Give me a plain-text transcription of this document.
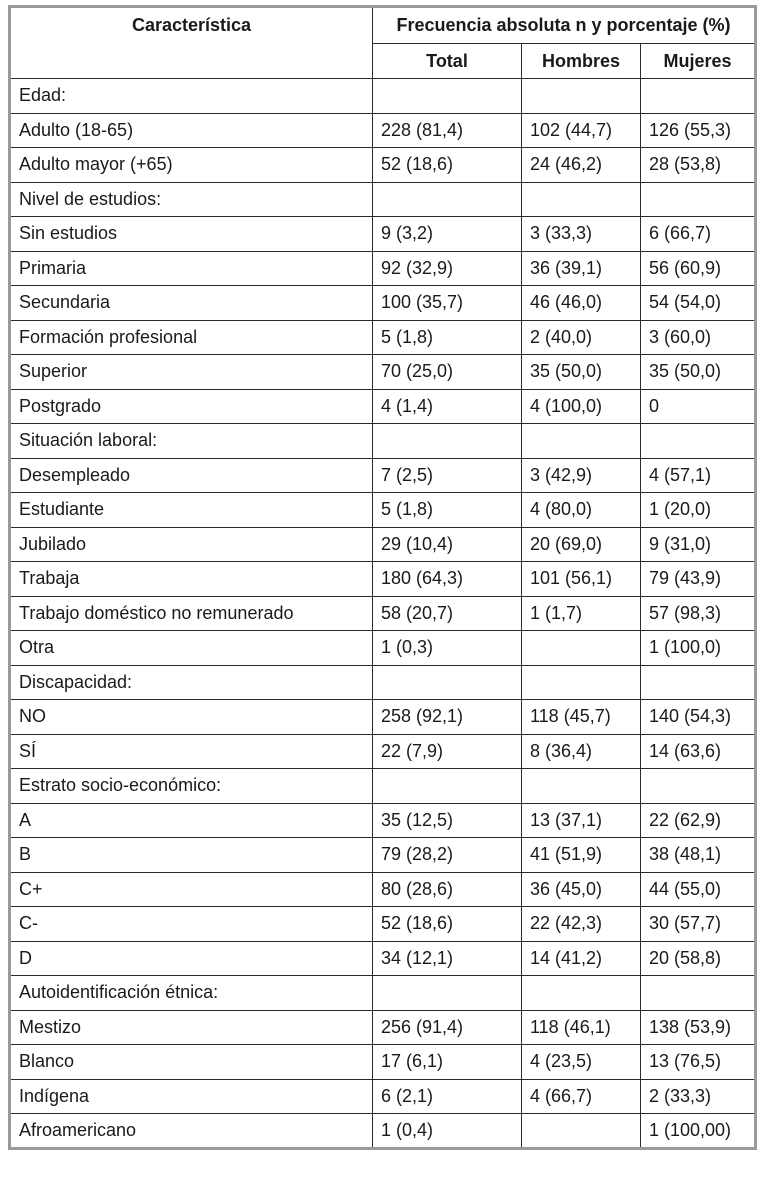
Característica	Frecuencia absoluta n y porcentaje (%)		
	Total	Hombres	Mujeres
Edad:			
Adulto (18-65)	228 (81,4)	102 (44,7)	126 (55,3)
Adulto mayor (+65)	52 (18,6)	24 (46,2)	28 (53,8)
Nivel de estudios:			
Sin estudios	9 (3,2)	3 (33,3)	6 (66,7)
Primaria	92 (32,9)	36 (39,1)	56 (60,9)
Secundaria	100 (35,7)	46 (46,0)	54 (54,0)
Formación profesional	5 (1,8)	2 (40,0)	3 (60,0)
Superior	70 (25,0)	35 (50,0)	35 (50,0)
Postgrado	4 (1,4)	4 (100,0)	0
Situación laboral:			
Desempleado	7 (2,5)	3 (42,9)	4 (57,1)
Estudiante	5 (1,8)	4 (80,0)	1 (20,0)
Jubilado	29 (10,4)	20 (69,0)	9 (31,0)
Trabaja	180 (64,3)	101 (56,1)	79 (43,9)
Trabajo doméstico no remunerado	58 (20,7)	1 (1,7)	57 (98,3)
Otra	1 (0,3)		1 (100,0)
Discapacidad:			
NO	258 (92,1)	118 (45,7)	140 (54,3)
SÍ	22 (7,9)	8 (36,4)	14 (63,6)
Estrato socio-económico:			
A	35 (12,5)	13 (37,1)	22 (62,9)
B	79 (28,2)	41 (51,9)	38 (48,1)
C+	80 (28,6)	36 (45,0)	44 (55,0)
C-	52 (18,6)	22 (42,3)	30 (57,7)
D	34 (12,1)	14 (41,2)	20 (58,8)
Autoidentificación étnica:			
Mestizo	256 (91,4)	118 (46,1)	138 (53,9)
Blanco	17 (6,1)	4 (23,5)	13 (76,5)
Indígena	6 (2,1)	4 (66,7)	2 (33,3)
Afroamericano	1 (0,4)		1 (100,00)
